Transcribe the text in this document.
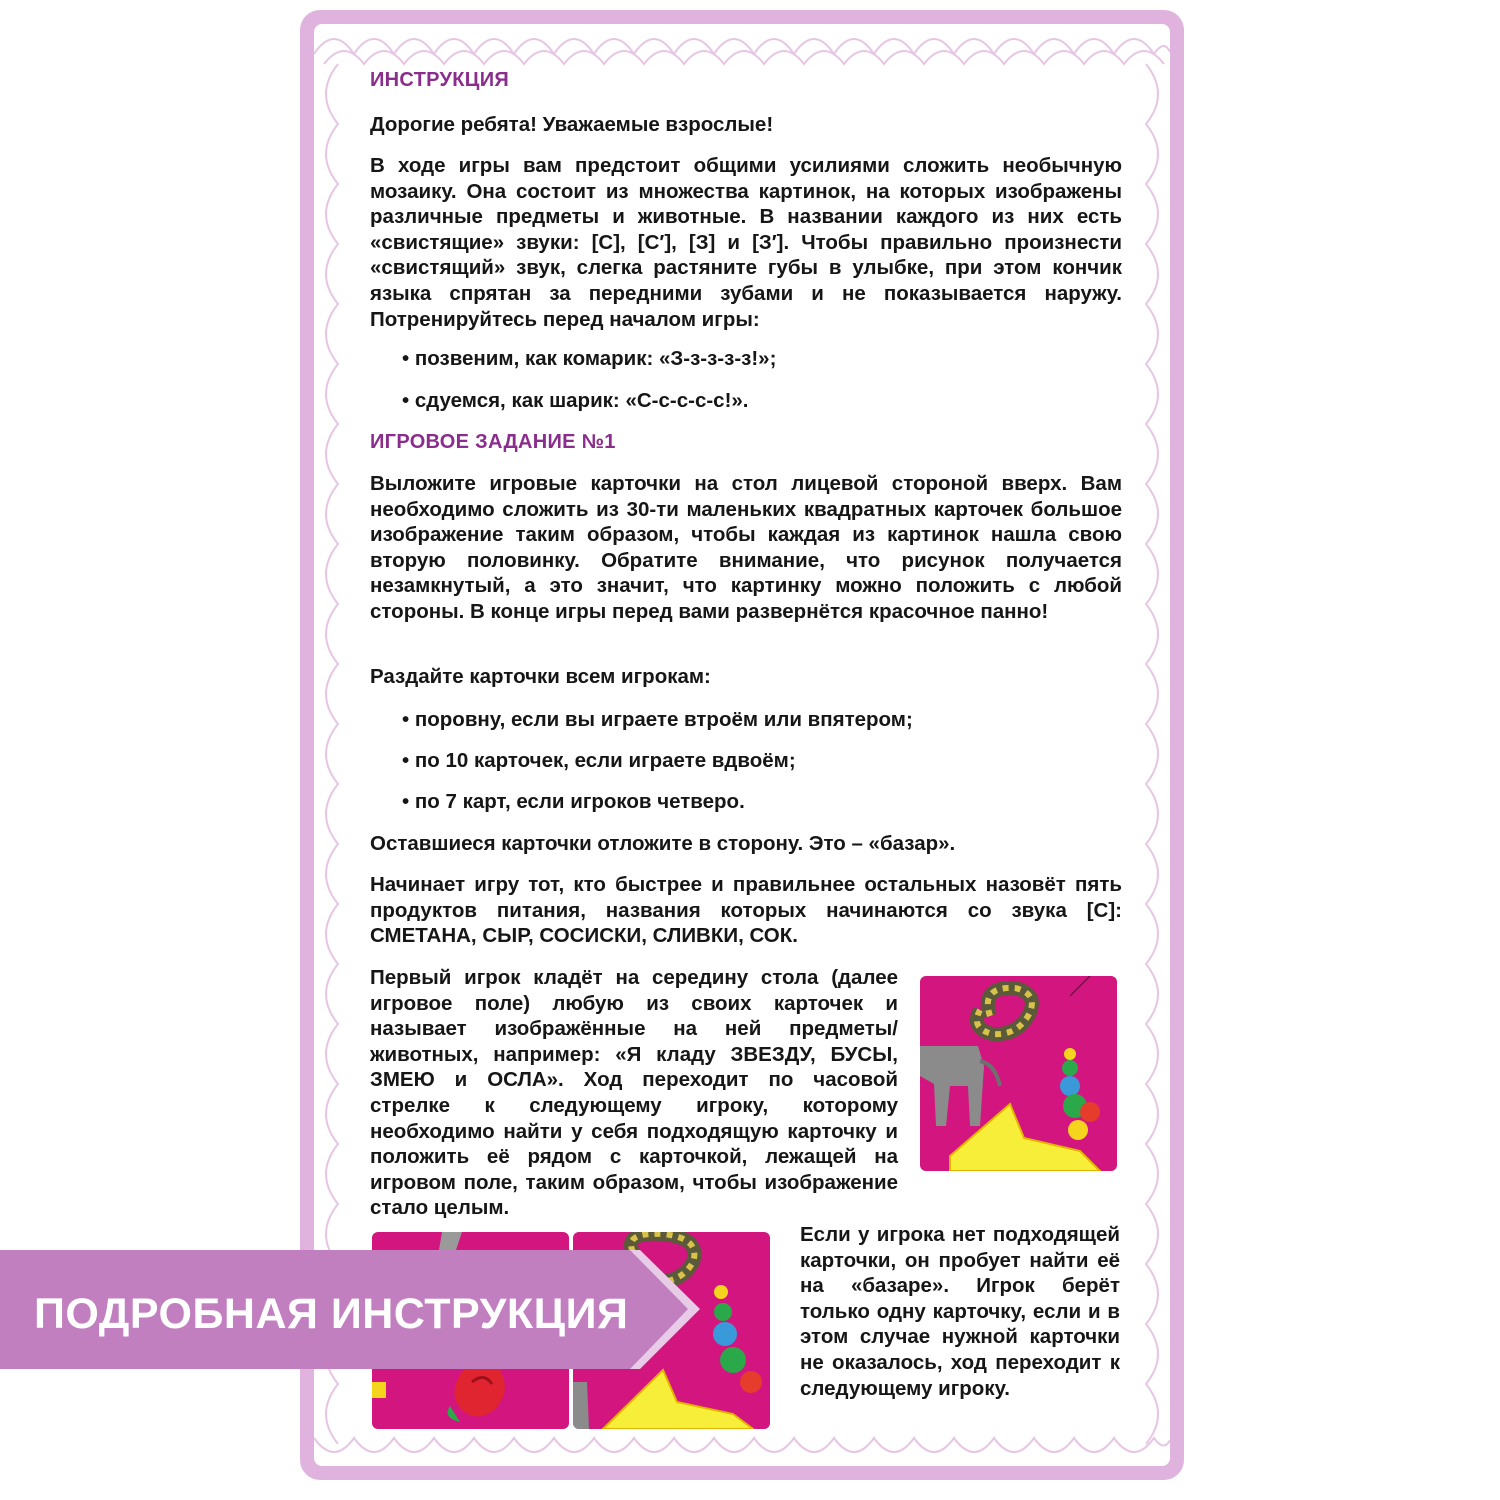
ИНСТРУКЦИЯ

Дорогие ребята! Уважаемые взрослые!

В ходе игры вам предстоит общими усилиями сложить необычную мозаику. Она состоит из множества картинок, на которых изображены различные предметы и животные. В названии каждого из них есть «свистящие» звуки: [С], [С′], [З] и [З′]. Чтобы правильно произнести «свистящий» звук, слегка растяните губы в улыбке, при этом кончик языка спрятан за передними зубами и не показывается наружу. Потренируйтесь перед началом игры:

• позвеним, как комарик: «З-з-з-з-з!»;

• сдуемся, как шарик: «С-с-с-с-с!».

ИГРОВОЕ ЗАДАНИЕ №1

Выложите игровые карточки на стол лицевой стороной вверх. Вам необходимо сложить из 30-ти маленьких квадратных карточек большое изображение таким образом, чтобы каждая из картинок нашла свою вторую половинку. Обратите внимание, что рисунок получается незамкнутый, а это значит, что картинку можно положить с любой стороны. В конце игры перед вами развернётся красочное панно!

Раздайте карточки всем игрокам:

• поровну, если вы играете втроём или впятером;

• по 10 карточек, если играете вдвоём;

• по 7 карт, если игроков четверо.

Оставшиеся карточки отложите в сторону. Это – «базар».

Начинает игру тот, кто быстрее и правильнее остальных назовёт пять продуктов питания, названия которых начинаются со звука [С]: СМЕТАНА, СЫР, СОСИСКИ, СЛИВКИ, СОК.

Первый игрок кладёт на середину стола (далее игровое поле) любую из своих карточек и называет изображённые на ней предметы/животных, например: «Я кладу ЗВЕЗДУ, БУСЫ, ЗМЕЮ и ОСЛА». Ход переходит по часовой стрелке к следующему игроку, которому необходимо найти у себя подходящую карточку и положить её рядом с карточкой, лежащей на игровом поле, таким образом, чтобы изображение стало целым.

Если у игрока нет подходящей карточки, он пробует найти её на «базаре». Игрок берёт только одну карточку, если и в этом случае нужной карточки не оказалось, ход переходит к следующему игроку.

ПОДРОБНАЯ ИНСТРУКЦИЯ
